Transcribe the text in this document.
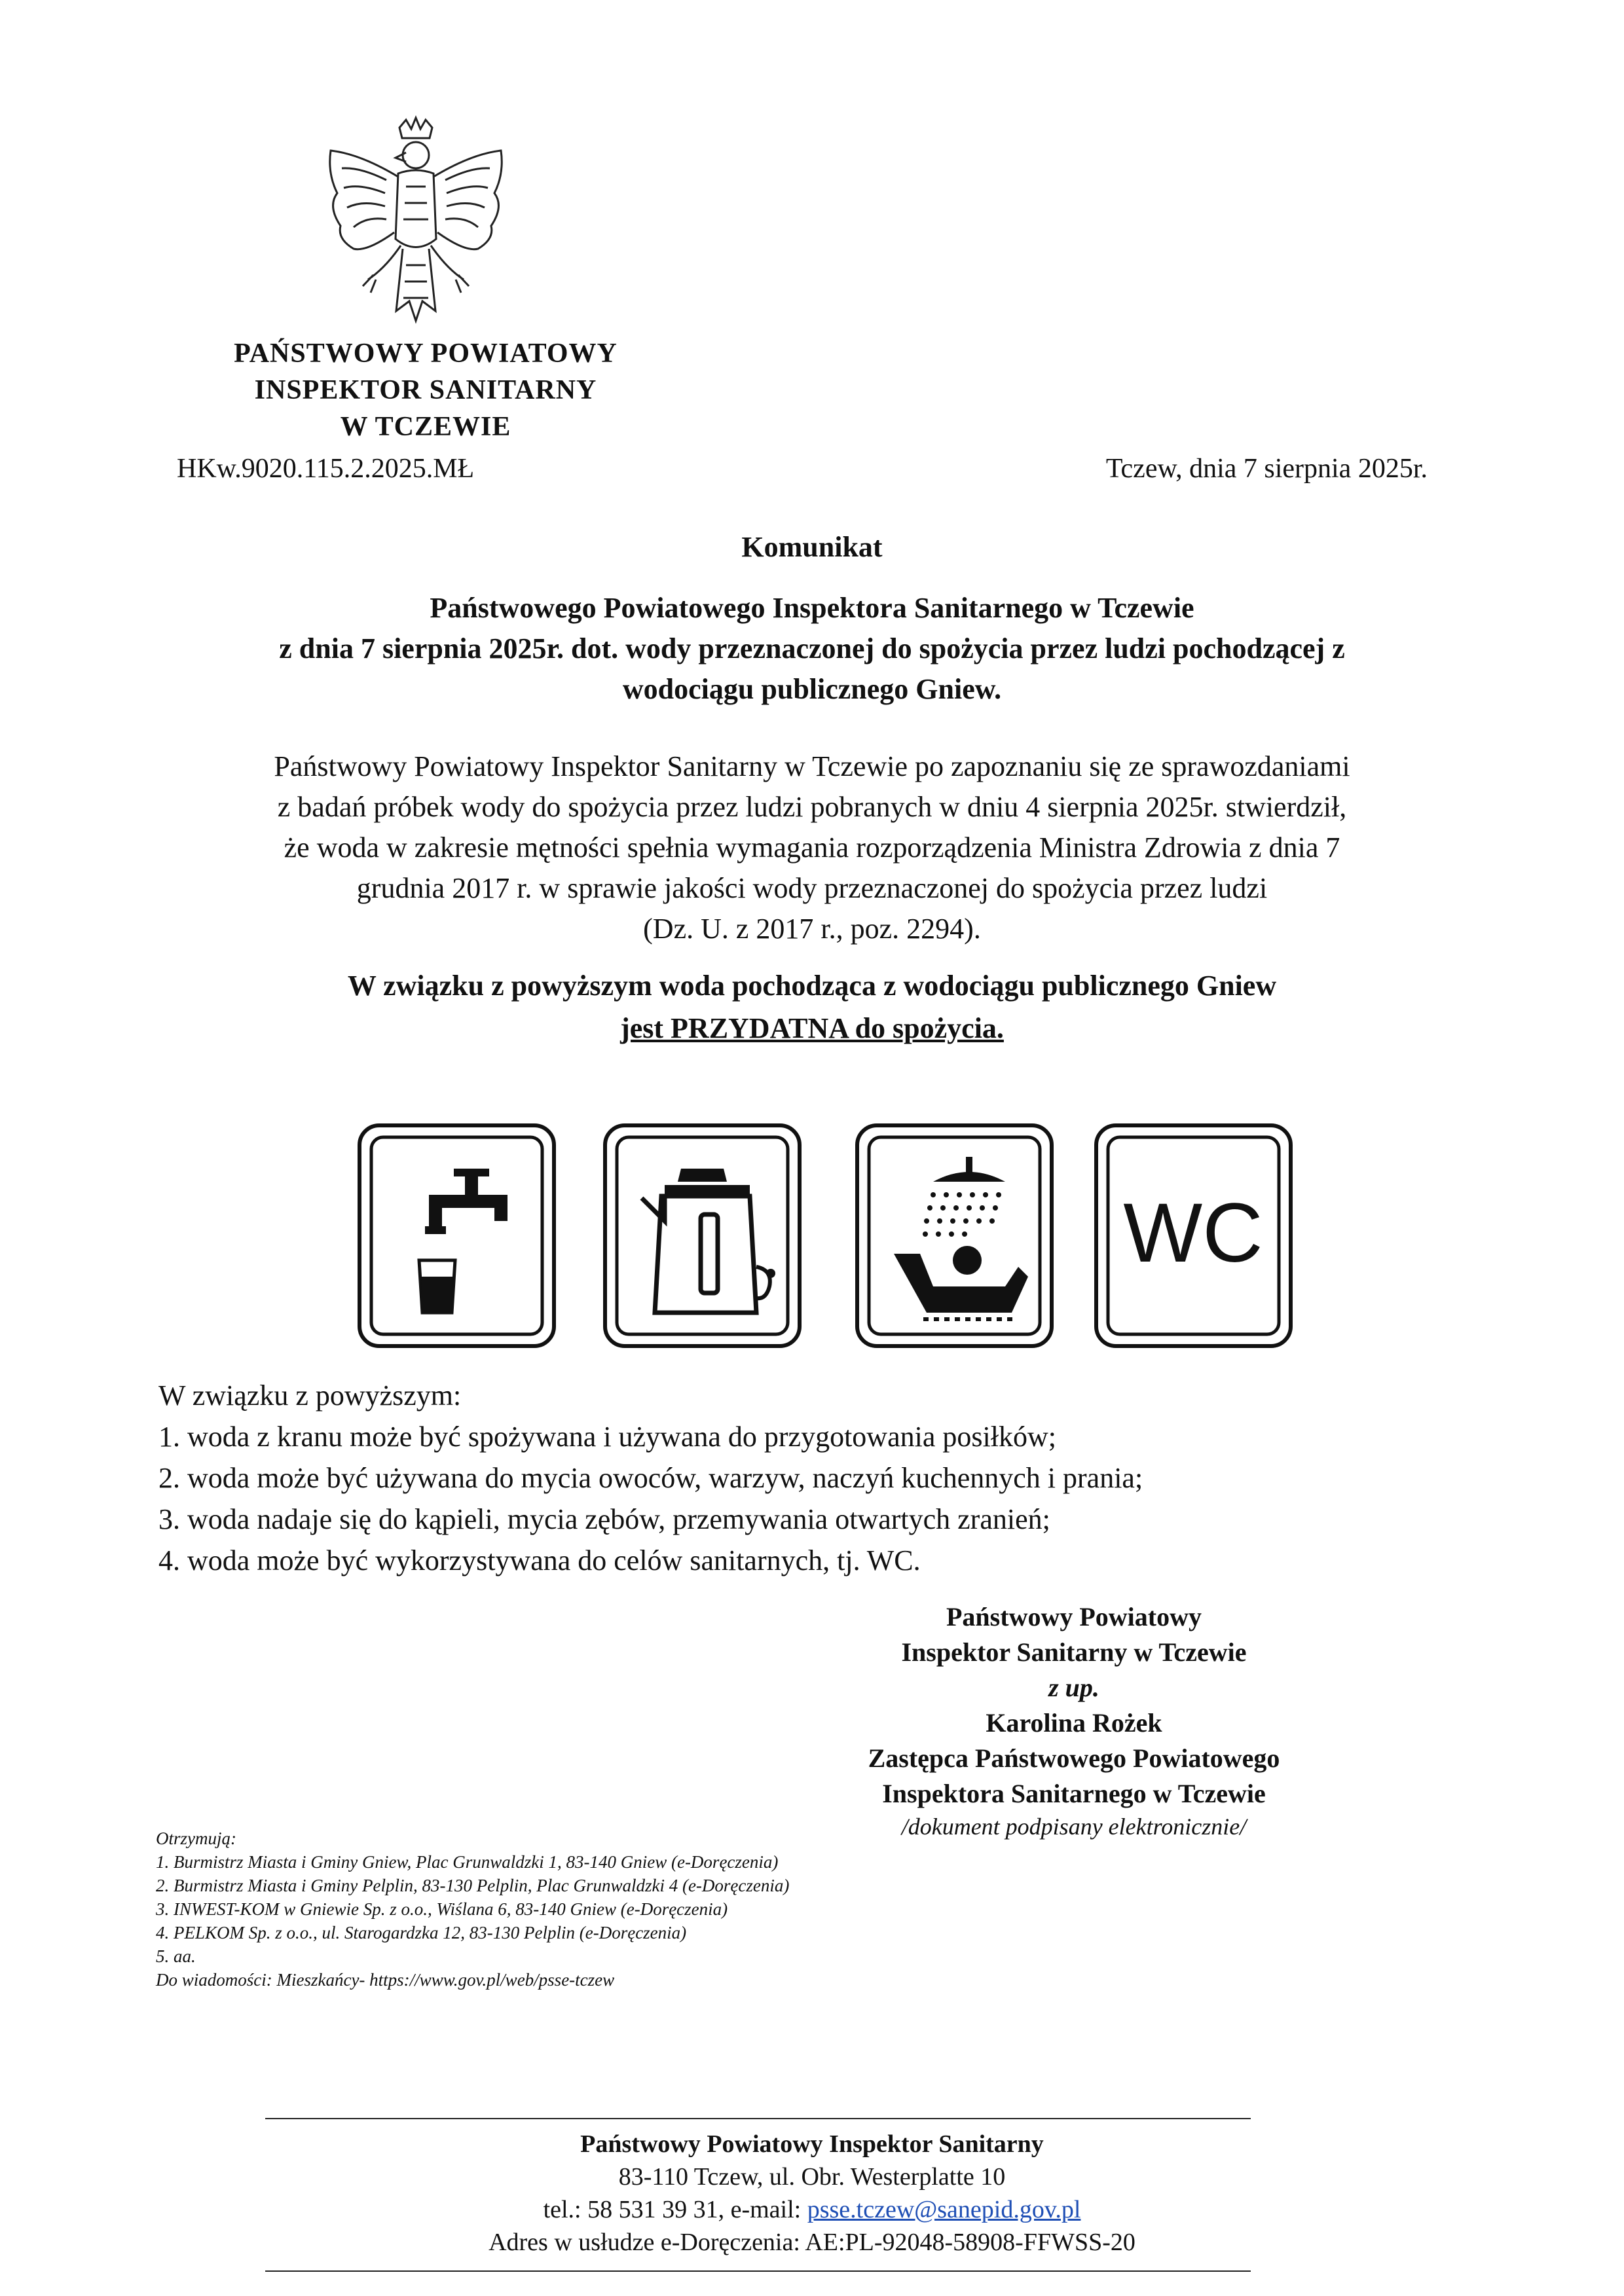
PAŃSTWOWY POWIATOWY
INSPEKTOR SANITARNY
W TCZEWIE
HKw.9020.115.2.2025.MŁ	Tczew, dnia 7 sierpnia 2025r.
Komunikat
Państwowego Powiatowego Inspektora Sanitarnego w Tczewie
z dnia 7 sierpnia 2025r. dot. wody przeznaczonej do spożycia przez ludzi pochodzącej z
wodociągu publicznego Gniew.
Państwowy Powiatowy Inspektor Sanitarny w Tczewie po zapoznaniu się ze sprawozdaniami
z badań próbek wody do spożycia przez ludzi pobranych w dniu 4 sierpnia 2025r. stwierdził,
że woda w zakresie mętności spełnia wymagania rozporządzenia Ministra Zdrowia z dnia 7
grudnia 2017 r. w sprawie jakości wody przeznaczonej do spożycia przez ludzi
(Dz. U. z 2017 r., poz. 2294).
W związku z powyższym woda pochodząca z wodociągu publicznego Gniew
jest PRZYDATNA do spożycia.
WC
W związku z powyższym:
1. woda z kranu może być spożywana i używana do przygotowania posiłków;
2. woda może być używana do mycia owoców, warzyw, naczyń kuchennych i prania;
3. woda nadaje się do kąpieli, mycia zębów, przemywania otwartych zranień;
4. woda może być wykorzystywana do celów sanitarnych, tj. WC.
Państwowy Powiatowy
Inspektor Sanitarny w Tczewie
z up.
Karolina Rożek
Zastępca Państwowego Powiatowego
Inspektora Sanitarnego w Tczewie
/dokument podpisany elektronicznie/
Otrzymują:
1. Burmistrz Miasta i Gminy Gniew, Plac Grunwaldzki 1, 83-140 Gniew (e-Doręczenia)
2. Burmistrz Miasta i Gminy Pelplin, 83-130 Pelplin, Plac Grunwaldzki 4 (e-Doręczenia)
3. INWEST-KOM w Gniewie Sp. z o.o., Wiślana 6, 83-140 Gniew (e-Doręczenia)
4. PELKOM Sp. z o.o., ul. Starogardzka 12, 83-130 Pelplin (e-Doręczenia)
5. aa.
Do wiadomości: Mieszkańcy- https://www.gov.pl/web/psse-tczew
Państwowy Powiatowy Inspektor Sanitarny
83-110 Tczew, ul. Obr. Westerplatte 10
tel.: 58 531 39 31, e-mail: psse.tczew@sanepid.gov.pl
Adres w usłudze e-Doręczenia: AE:PL-92048-58908-FFWSS-20
